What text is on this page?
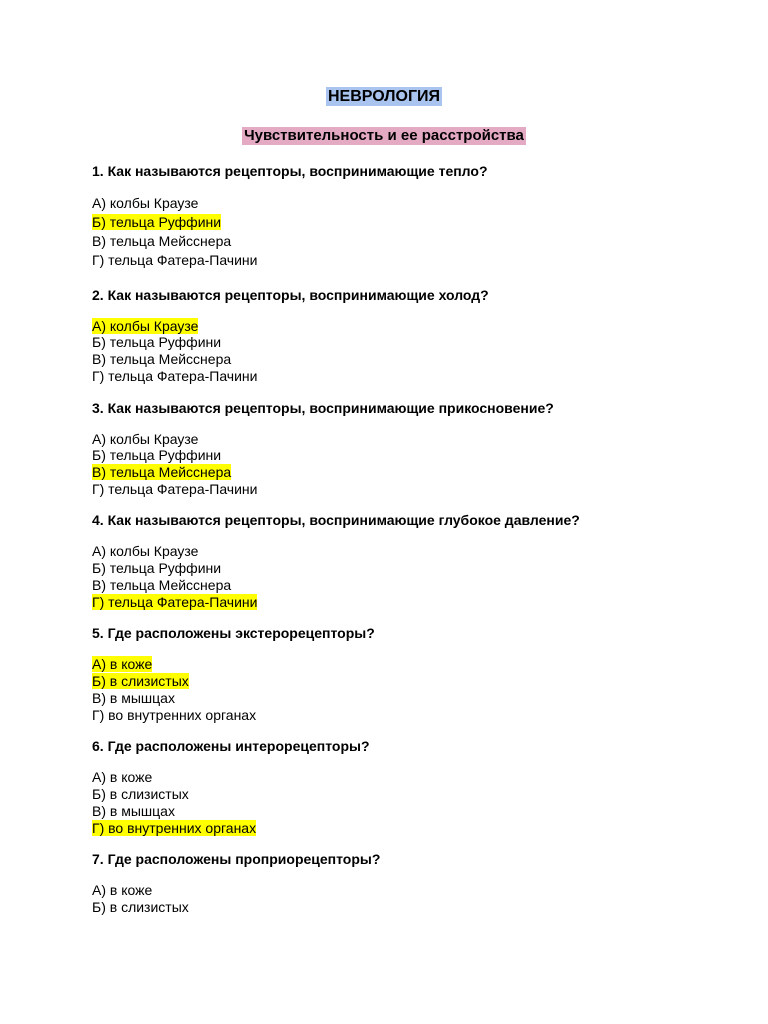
НЕВРОЛОГИЯ
Чувствительность и ее расстройства
1. Как называются рецепторы, воспринимающие тепло?
А) колбы Краузе
Б) тельца Руффини
В) тельца Мейсснера
Г) тельца Фатера-Пачини
2. Как называются рецепторы, воспринимающие холод?
А) колбы Краузе
Б) тельца Руффини
В) тельца Мейсснера
Г) тельца Фатера-Пачини
3. Как называются рецепторы, воспринимающие прикосновение?
А) колбы Краузе
Б) тельца Руффини
В) тельца Мейсснера
Г) тельца Фатера-Пачини
4. Как называются рецепторы, воспринимающие глубокое давление?
А) колбы Краузе
Б) тельца Руффини
В) тельца Мейсснера
Г) тельца Фатера-Пачини
5. Где расположены экстерорецепторы?
А) в коже
Б) в слизистых
В) в мышцах
Г) во внутренних органах
6. Где расположены интерорецепторы?
А) в коже
Б) в слизистых
В) в мышцах
Г) во внутренних органах
7. Где расположены проприорецепторы?
А) в коже
Б) в слизистых
